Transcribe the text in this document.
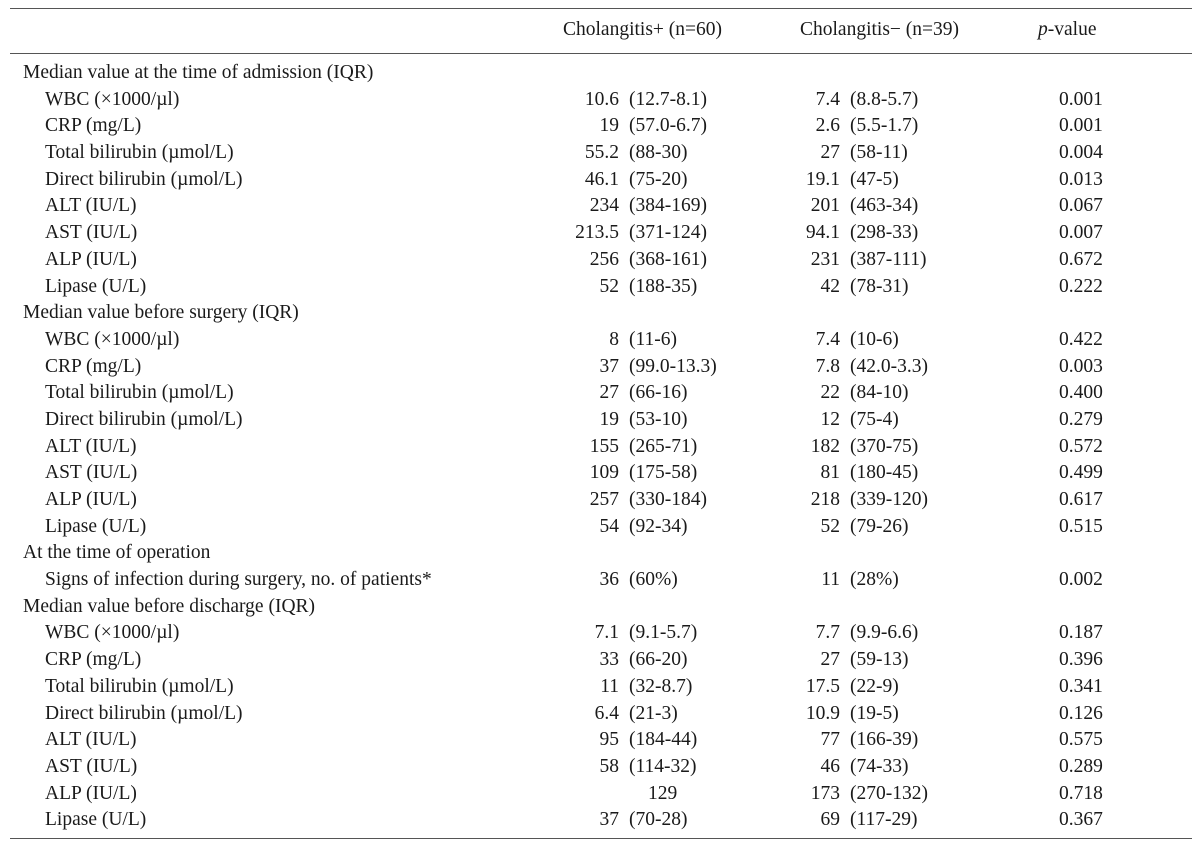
Cholangitis+ (n=60)	Cholangitis− (n=39)	p-value
Median value at the time of admission (IQR)
WBC (×1000/µl)	10.6 (12.7-8.1)	7.4 (8.8-5.7)	0.001
CRP (mg/L)	19 (57.0-6.7)	2.6 (5.5-1.7)	0.001
Total bilirubin (µmol/L)	55.2 (88-30)	27 (58-11)	0.004
Direct bilirubin (µmol/L)	46.1 (75-20)	19.1 (47-5)	0.013
ALT (IU/L)	234 (384-169)	201 (463-34)	0.067
AST (IU/L)	213.5 (371-124)	94.1 (298-33)	0.007
ALP (IU/L)	256 (368-161)	231 (387-111)	0.672
Lipase (U/L)	52 (188-35)	42 (78-31)	0.222
Median value before surgery (IQR)
WBC (×1000/µl)	8 (11-6)	7.4 (10-6)	0.422
CRP (mg/L)	37 (99.0-13.3)	7.8 (42.0-3.3)	0.003
Total bilirubin (µmol/L)	27 (66-16)	22 (84-10)	0.400
Direct bilirubin (µmol/L)	19 (53-10)	12 (75-4)	0.279
ALT (IU/L)	155 (265-71)	182 (370-75)	0.572
AST (IU/L)	109 (175-58)	81 (180-45)	0.499
ALP (IU/L)	257 (330-184)	218 (339-120)	0.617
Lipase (U/L)	54 (92-34)	52 (79-26)	0.515
At the time of operation
Signs of infection during surgery, no. of patients*	36 (60%)	11 (28%)	0.002
Median value before discharge (IQR)
WBC (×1000/µl)	7.1 (9.1-5.7)	7.7 (9.9-6.6)	0.187
CRP (mg/L)	33 (66-20)	27 (59-13)	0.396
Total bilirubin (µmol/L)	11 (32-8.7)	17.5 (22-9)	0.341
Direct bilirubin (µmol/L)	6.4 (21-3)	10.9 (19-5)	0.126
ALT (IU/L)	95 (184-44)	77 (166-39)	0.575
AST (IU/L)	58 (114-32)	46 (74-33)	0.289
ALP (IU/L)	129	173 (270-132)	0.718
Lipase (U/L)	37 (70-28)	69 (117-29)	0.367
